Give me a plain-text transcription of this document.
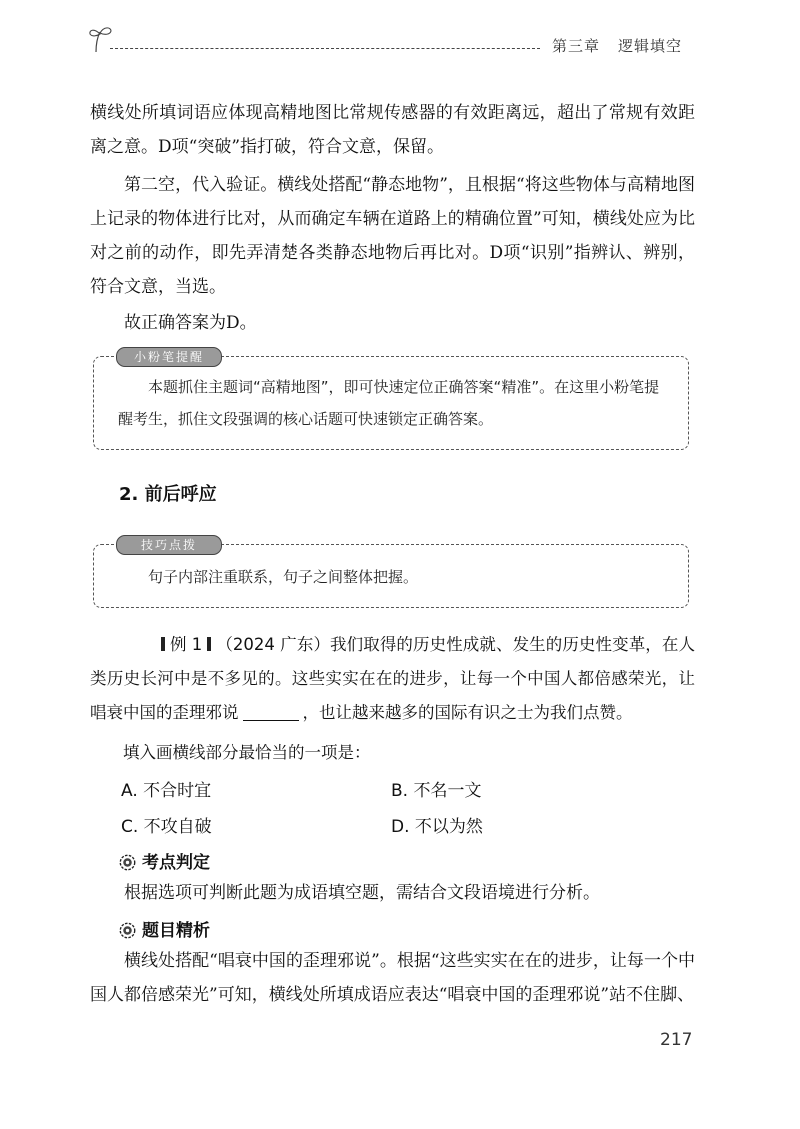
第三章 逻辑填空

横线处所填词语应体现高精地图比常规传感器的有效距离远，超出了常规有效距离之意。D项“突破”指打破，符合文意，保留。

第二空，代入验证。横线处搭配“静态地物”，且根据“将这些物体与高精地图上记录的物体进行比对，从而确定车辆在道路上的精确位置”可知，横线处应为比对之前的动作，即先弄清楚各类静态地物后再比对。D项“识别”指辨认、辨别，符合文意，当选。

故正确答案为D。

小粉笔提醒
本题抓住主题词“高精地图”，即可快速定位正确答案“精准”。在这里小粉笔提醒考生，抓住文段强调的核心话题可快速锁定正确答案。
2. 前后呼应
技巧点拨
句子内部注重联系，句子之间整体把握。

例 1 （2024 广东）我们取得的历史性成就、发生的历史性变革，在人类历史长河中是不多见的。这些实实在在的进步，让每一个中国人都倍感荣光，让唱衰中国的歪理邪说	，也让越来越多的国际有识之士为我们点赞。

填入画横线部分最恰当的一项是：

A. 不合时宜	B. 不名一文
C. 不攻自破	D. 不以为然
考点判定

根据选项可判断此题为成语填空题，需结合文段语境进行分析。

题目精析

横线处搭配“唱衰中国的歪理邪说”。根据“这些实实在在的进步，让每一个中国人都倍感荣光”可知，横线处所填成语应表达“唱衰中国的歪理邪说”站不住脚、

217
